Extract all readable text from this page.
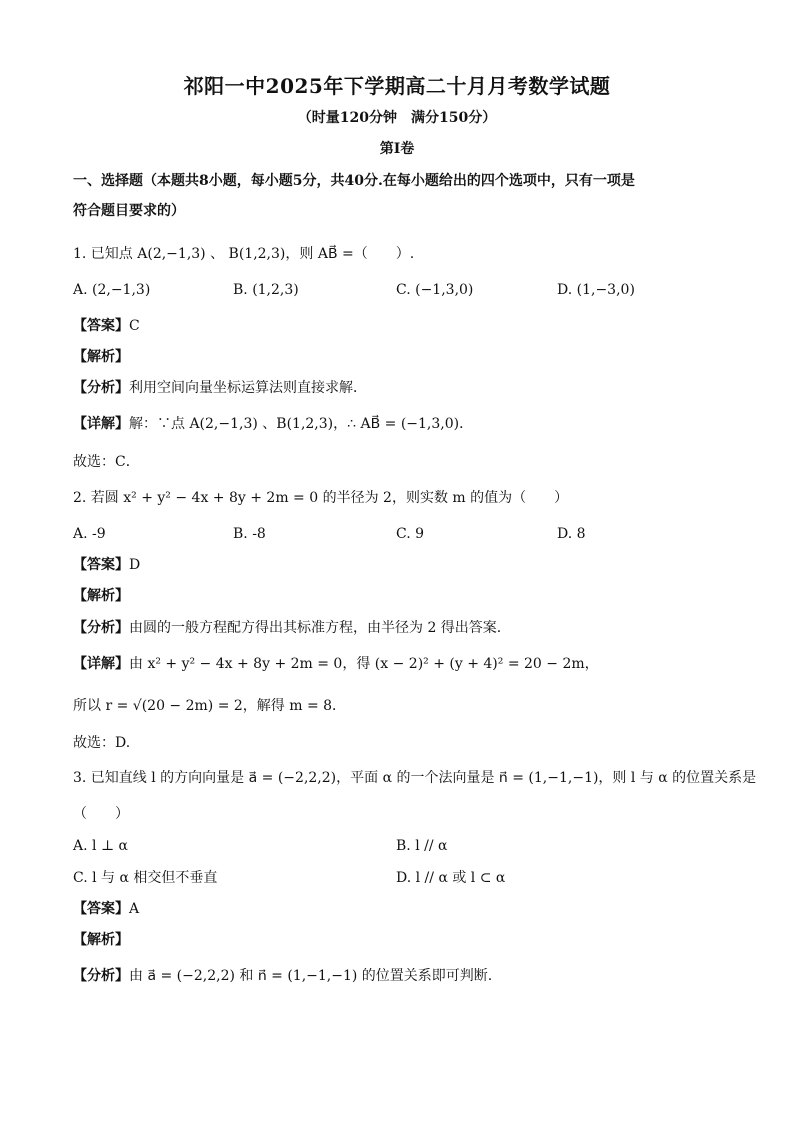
祁阳一中2025年下学期高二十月月考数学试题
（时量120分钟　满分150分）
第Ⅰ卷
一、选择题（本题共8小题，每小题5分，共40分.在每小题给出的四个选项中，只有一项是
符合题目要求的）
1. 已知点 A(2,−1,3) 、 B(1,2,3)，则 AB⃗ =（　　）.
A. (2,−1,3)	B. (1,2,3)	C. (−1,3,0)	D. (1,−3,0)
【答案】C
【解析】
【分析】利用空间向量坐标运算法则直接求解．
【详解】解：∵点 A(2,−1,3) 、B(1,2,3)，∴ AB⃗ = (−1,3,0)．
故选：C．
2. 若圆 x² + y² − 4x + 8y + 2m = 0 的半径为 2，则实数 m 的值为（　　）
A. -9	B. -8	C. 9	D. 8
【答案】D
【解析】
【分析】由圆的一般方程配方得出其标准方程，由半径为 2 得出答案.
【详解】由 x² + y² − 4x + 8y + 2m = 0，得 (x − 2)² + (y + 4)² = 20 − 2m，
所以 r = √(20 − 2m) = 2，解得 m = 8．
故选：D.
3. 已知直线 l 的方向向量是 a⃗ = (−2,2,2)，平面 α 的一个法向量是 n⃗ = (1,−1,−1)，则 l 与 α 的位置关系是
（　　）
A. l ⊥ α	B. l // α
C. l 与 α 相交但不垂直	D. l // α 或 l ⊂ α
【答案】A
【解析】
【分析】由 a⃗ = (−2,2,2) 和 n⃗ = (1,−1,−1) 的位置关系即可判断.
